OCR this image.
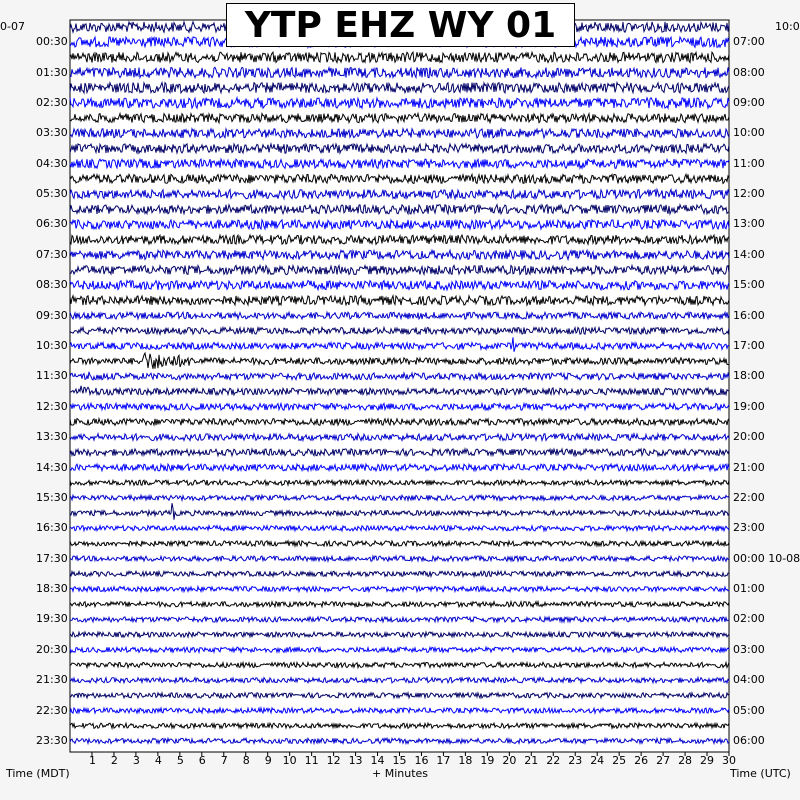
YTP EHZ WY 01
00:30
01:30
02:30
03:30
04:30
05:30
06:30
07:30
08:30
09:30
10:30
11:30
12:30
13:30
14:30
15:30
16:30
17:30
18:30
19:30
20:30
21:30
22:30
23:30
07:00
08:00
09:00
10:00
11:00
12:00
13:00
14:00
15:00
16:00
17:00
18:00
19:00
20:00
21:00
22:00
23:00
00:00 10-08
01:00
02:00
03:00
04:00
05:00
06:00
1 2 3 4 5 6 7 8 9 10 11 12 13 14 15 16 17 18 19 20 21 22 23 24 25 26 27 28 29 30
0-07	10:0
Time (MDT)	+ Minutes	Time (UTC)
